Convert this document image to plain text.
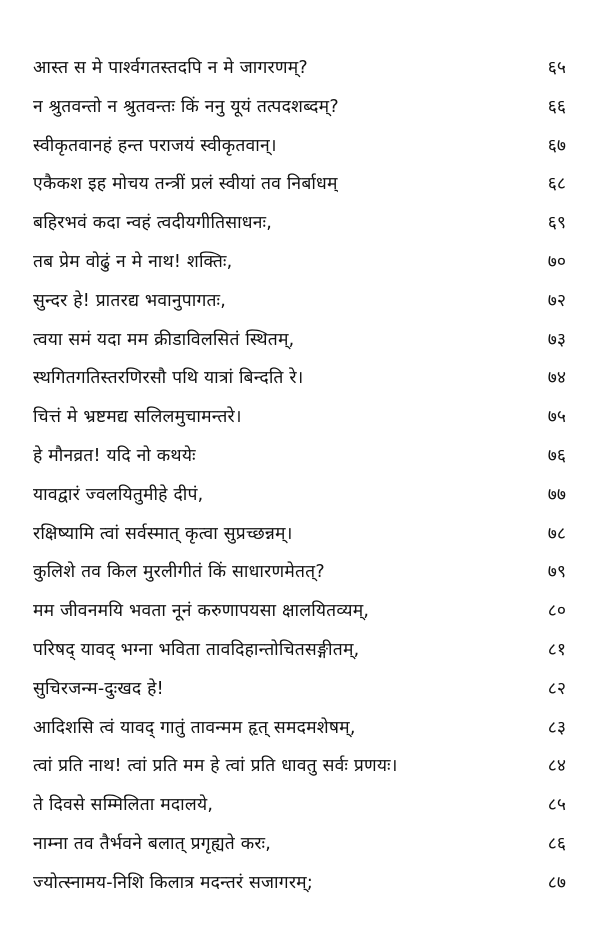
आस्त स मे पार्श्वगतस्तदपि न मे जागरणम्?	६५
न श्रुतवन्तो न श्रुतवन्तः किं ननु यूयं तत्पदशब्दम्?	६६
स्वीकृतवानहं हन्त पराजयं स्वीकृतवान्।	६७
एकैकश इह मोचय तन्त्रीं प्रलं स्वीयां तव निर्बाधम्	६८
बहिरभवं कदा न्वहं त्वदीयगीतिसाधनः,	६९
तब प्रेम वोढुं न मे नाथ! शक्तिः,	७०
सुन्दर हे! प्रातरद्य भवानुपागतः,	७२
त्वया समं यदा मम क्रीडाविलसितं स्थितम्,	७३
स्थगितगतिस्तरणिरसौ पथि यात्रां बिन्दति रे।	७४
चित्तं मे भ्रष्टमद्य सलिलमुचामन्तरे।	७५
हे मौनव्रत! यदि नो कथयेः	७६
यावद्वारं ज्वलयितुमीहे दीपं,	७७
रक्षिष्यामि त्वां सर्वस्मात् कृत्वा सुप्रच्छन्नम्।	७८
कुलिशे तव किल मुरलीगीतं किं साधारणमेतत्?	७९
मम जीवनमयि भवता नूनं करुणापयसा क्षालयितव्यम्,	८०
परिषद् यावद् भग्ना भविता तावदिहान्तोचितसङ्गीतम्,	८१
सुचिरजन्म-दुःखद हे!	८२
आदिशसि त्वं यावद् गातुं तावन्मम हृत् समदमशेषम्,	८३
त्वां प्रति नाथ! त्वां प्रति मम हे त्वां प्रति धावतु सर्वः प्रणयः।	८४
ते दिवसे सम्मिलिता मदालये,	८५
नाम्ना तव तैर्भवने बलात् प्रगृह्यते करः,	८६
ज्योत्स्नामय-निशि किलात्र मदन्तरं सजागरम्;	८७
